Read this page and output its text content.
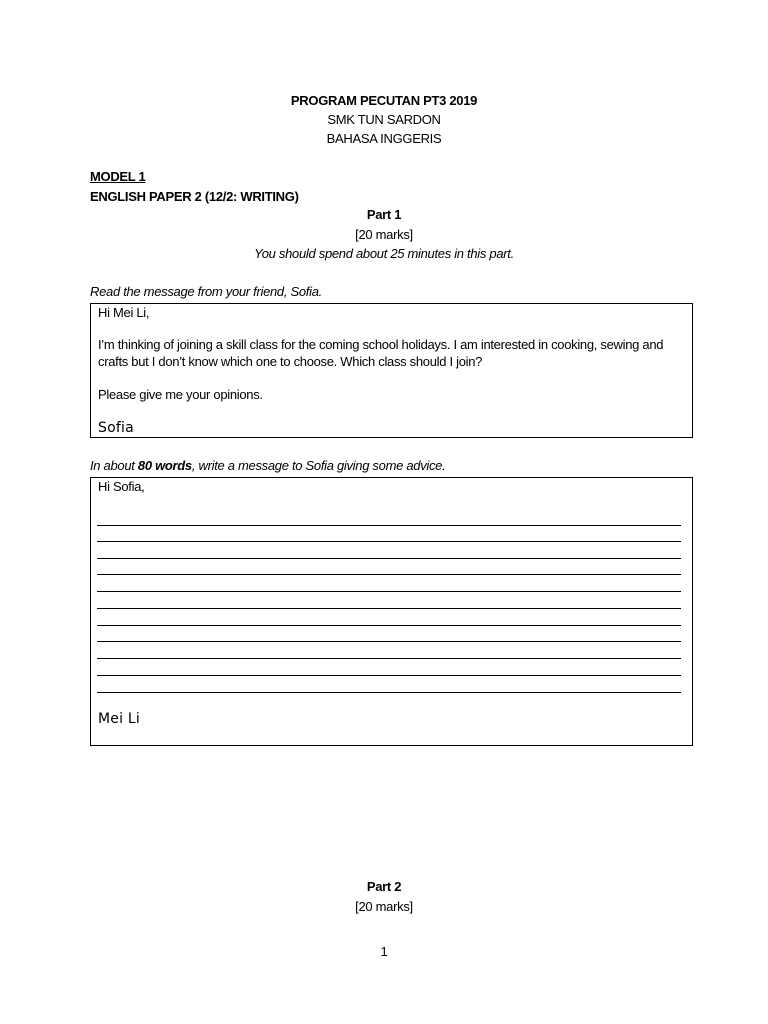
PROGRAM PECUTAN PT3 2019
SMK TUN SARDON
BAHASA INGGERIS
MODEL 1
ENGLISH PAPER 2 (12/2: WRITING)
Part 1
[20 marks]
You should spend about 25 minutes in this part.
Read the message from your friend, Sofia.
Hi Mei Li,
I’m thinking of joining a skill class for the coming school holidays. I am interested in cooking, sewing and
crafts but I don’t know which one to choose. Which class should I join?
Please give me your opinions.
Sofia
In about 80 words, write a message to Sofia giving some advice.
Hi Sofia,
Mei Li
Part 2
[20 marks]
1
